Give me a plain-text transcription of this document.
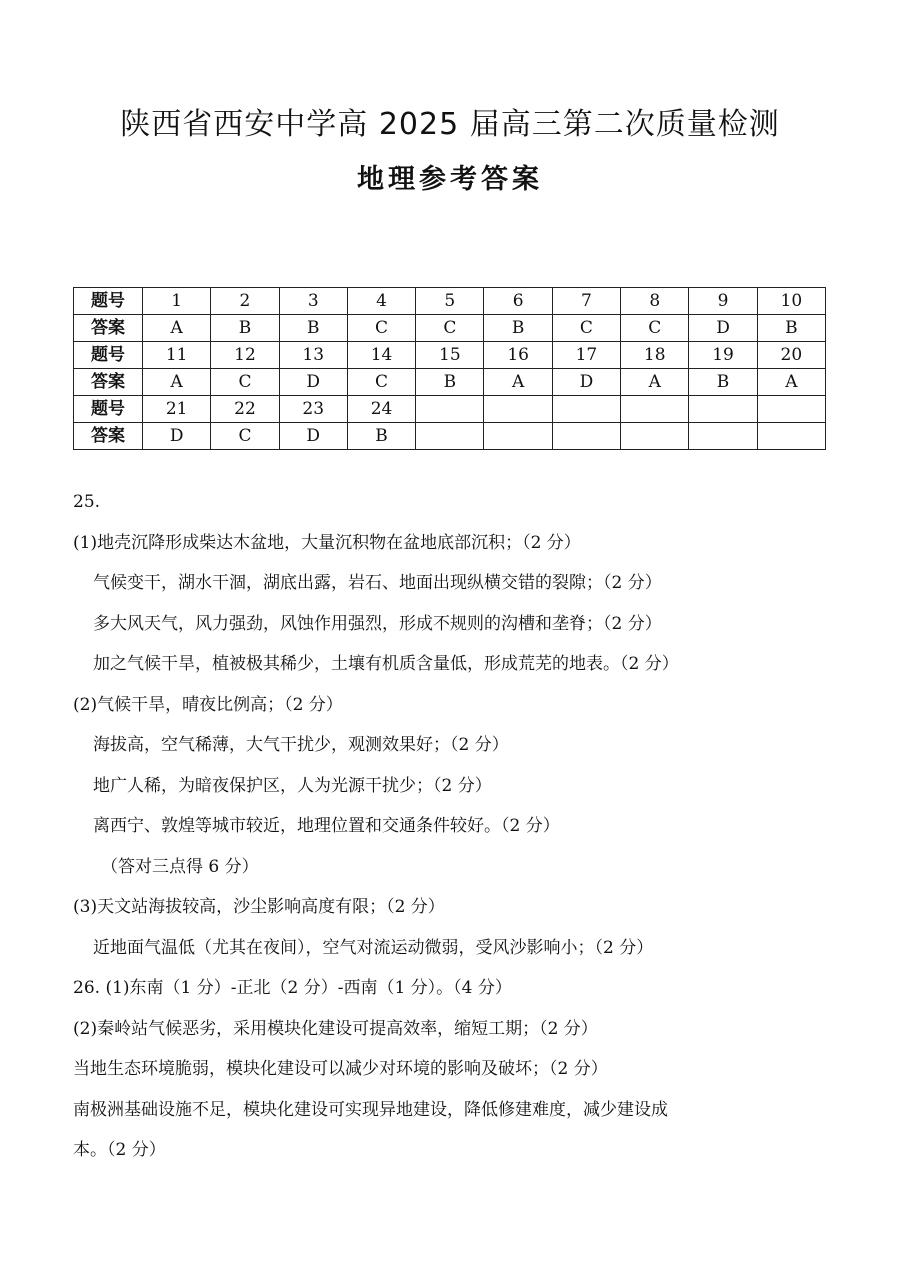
陕西省西安中学高 2025 届高三第二次质量检测
地理参考答案
题号	1	2	3	4	5	6	7	8	9	10
答案	A	B	B	C	C	B	C	C	D	B
题号	11	12	13	14	15	16	17	18	19	20
答案	A	C	D	C	B	A	D	A	B	A
题号	21	22	23	24						
答案	D	C	D	B						
25.
(1)地壳沉降形成柴达木盆地，大量沉积物在盆地底部沉积；（2 分）
气候变干，湖水干涸，湖底出露，岩石、地面出现纵横交错的裂隙；（2 分）
多大风天气，风力强劲，风蚀作用强烈，形成不规则的沟槽和垄脊；（2 分）
加之气候干旱，植被极其稀少，土壤有机质含量低，形成荒芜的地表。（2 分）
(2)气候干旱，晴夜比例高；（2 分）
海拔高，空气稀薄，大气干扰少，观测效果好；（2 分）
地广人稀，为暗夜保护区，人为光源干扰少；（2 分）
离西宁、敦煌等城市较近，地理位置和交通条件较好。（2 分）
（答对三点得 6 分）
(3)天文站海拔较高，沙尘影响高度有限；（2 分）
近地面气温低（尤其在夜间），空气对流运动微弱，受风沙影响小；（2 分）
26. (1)东南（1 分）-正北（2 分）-西南（1 分）。（4 分）
(2)秦岭站气候恶劣，采用模块化建设可提高效率，缩短工期；（2 分）
当地生态环境脆弱，模块化建设可以减少对环境的影响及破坏；（2 分）
南极洲基础设施不足，模块化建设可实现异地建设，降低修建难度，减少建设成
本。（2 分）
